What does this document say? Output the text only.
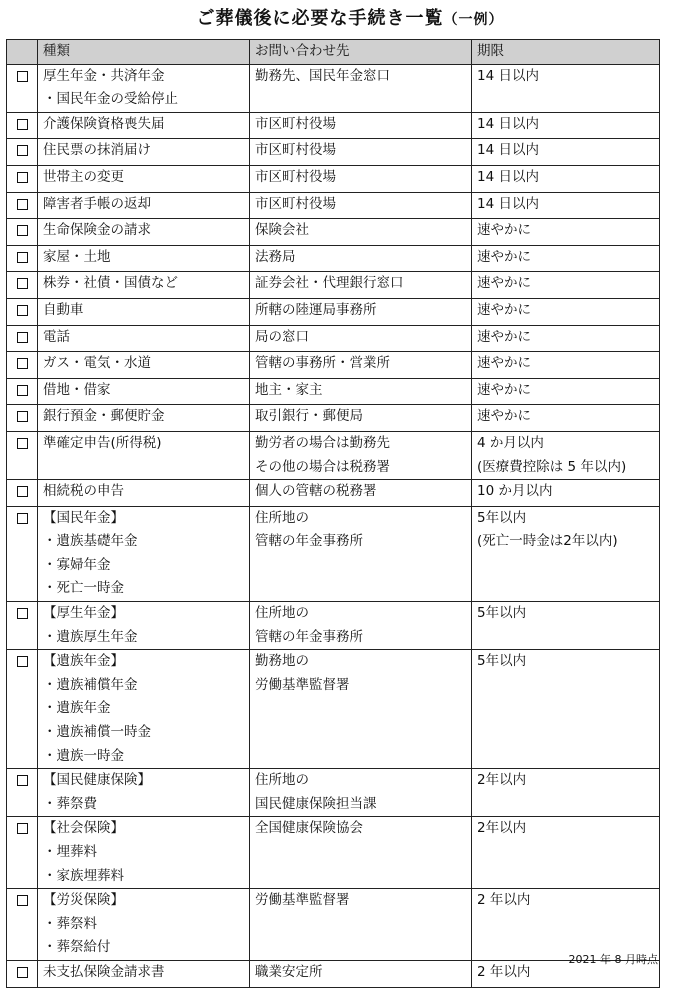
ご葬儀後に必要な手続き一覧（一例）
	種類	お問い合わせ先	期限

	厚生年金・共済年金
・国民年金の受給停止	勤務先、国民年金窓口	14 日以内

	介護保険資格喪失届	市区町村役場	14 日以内

	住民票の抹消届け	市区町村役場	14 日以内

	世帯主の変更	市区町村役場	14 日以内

	障害者手帳の返却	市区町村役場	14 日以内

	生命保険金の請求	保険会社	速やかに

	家屋・土地	法務局	速やかに

	株券・社債・国債など	証券会社・代理銀行窓口	速やかに

	自動車	所轄の陸運局事務所	速やかに

	電話	局の窓口	速やかに

	ガス・電気・水道	管轄の事務所・営業所	速やかに

	借地・借家	地主・家主	速やかに

	銀行預金・郵便貯金	取引銀行・郵便局	速やかに

	準確定申告(所得税)	勤労者の場合は勤務先
その他の場合は税務署	4 か月以内
(医療費控除は 5 年以内)

	相続税の申告	個人の管轄の税務署	10 か月以内

	【国民年金】
・遺族基礎年金
・寡婦年金
・死亡一時金	住所地の
管轄の年金事務所	5年以内
(死亡一時金は2年以内)

	【厚生年金】
・遺族厚生年金	住所地の
管轄の年金事務所	5年以内

	【遺族年金】
・遺族補償年金
・遺族年金
・遺族補償一時金
・遺族一時金	勤務地の
労働基準監督署	5年以内

	【国民健康保険】
・葬祭費	住所地の
国民健康保険担当課	2年以内

	【社会保険】
・埋葬料
・家族埋葬料	全国健康保険協会	2年以内

	【労災保険】
・葬祭料
・葬祭給付	労働基準監督署	2 年以内

	未支払保険金請求書	職業安定所	2 年以内
2021 年 8 月時点
